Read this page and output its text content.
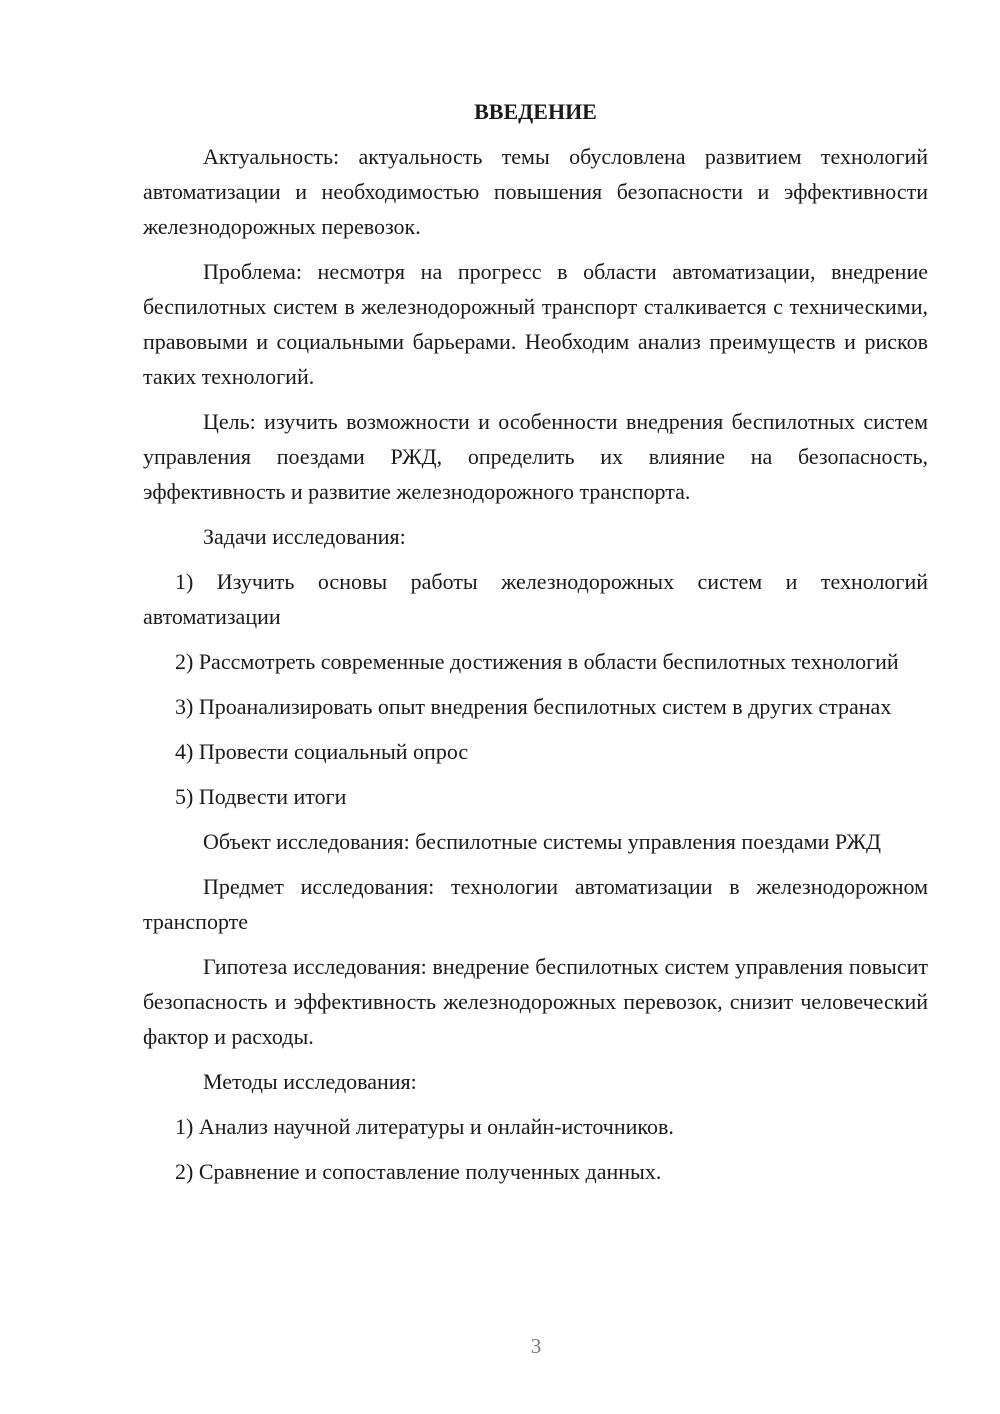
ВВЕДЕНИЕ

Актуальность: актуальность темы обусловлена развитием технологий автоматизации и необходимостью повышения безопасности и эффективности железнодорожных перевозок.

Проблема: несмотря на прогресс в области автоматизации, внедрение беспилотных систем в железнодорожный транспорт сталкивается с техническими, правовыми и социальными барьерами. Необходим анализ преимуществ и рисков таких технологий.

Цель: изучить возможности и особенности внедрения беспилотных систем управления поездами РЖД, определить их влияние на безопасность, эффективность и развитие железнодорожного транспорта.

Задачи исследования:

1) Изучить основы работы железнодорожных систем и технологий автоматизации

2) Рассмотреть современные достижения в области беспилотных технологий

3) Проанализировать опыт внедрения беспилотных систем в других странах

4) Провести социальный опрос

5) Подвести итоги

Объект исследования: беспилотные системы управления поездами РЖД

Предмет исследования: технологии автоматизации в железнодорожном транспорте

Гипотеза исследования: внедрение беспилотных систем управления повысит безопасность и эффективность железнодорожных перевозок, снизит человеческий фактор и расходы.

Методы исследования:

1) Анализ научной литературы и онлайн-источников.

2) Сравнение и сопоставление полученных данных.

3
